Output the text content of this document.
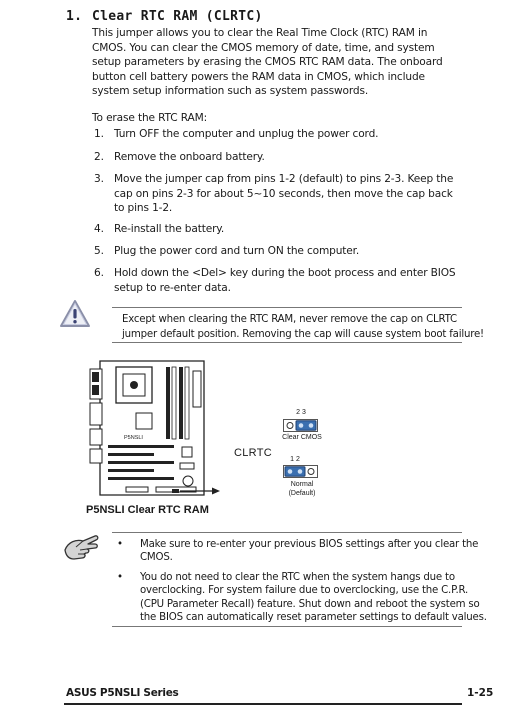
1. Clear RTC RAM (CLRTC)
This jumper allows you to clear the Real Time Clock (RTC) RAM in
CMOS. You can clear the CMOS memory of date, time, and system
setup parameters by erasing the CMOS RTC RAM data. The onboard
button cell battery powers the RAM data in CMOS, which include
system setup information such as system passwords.
To erase the RTC RAM:
1. Turn OFF the computer and unplug the power cord.
2. Remove the onboard battery.
3. Move the jumper cap from pins 1-2 (default) to pins 2-3. Keep the
cap on pins 2-3 for about 5~10 seconds, then move the cap back
to pins 1-2.
4. Re-install the battery.
5. Plug the power cord and turn ON the computer.
6. Hold down the <Del> key during the boot process and enter BIOS
setup to re-enter data.
Except when clearing the RTC RAM, never remove the cap on CLRTC
jumper default position. Removing the cap will cause system boot failure!
P5NSLI
P5NSLI Clear RTC RAM
CLRTC
2 3
Clear CMOS
1 2
Normal
(Default)
•	Make sure to re-enter your previous BIOS settings after you clear the
CMOS.
•	You do not need to clear the RTC when the system hangs due to
overclocking. For system failure due to overclocking, use the C.P.R.
(CPU Parameter Recall) feature. Shut down and reboot the system so
the BIOS can automatically reset parameter settings to default values.
ASUS P5NSLI Series	1-25
